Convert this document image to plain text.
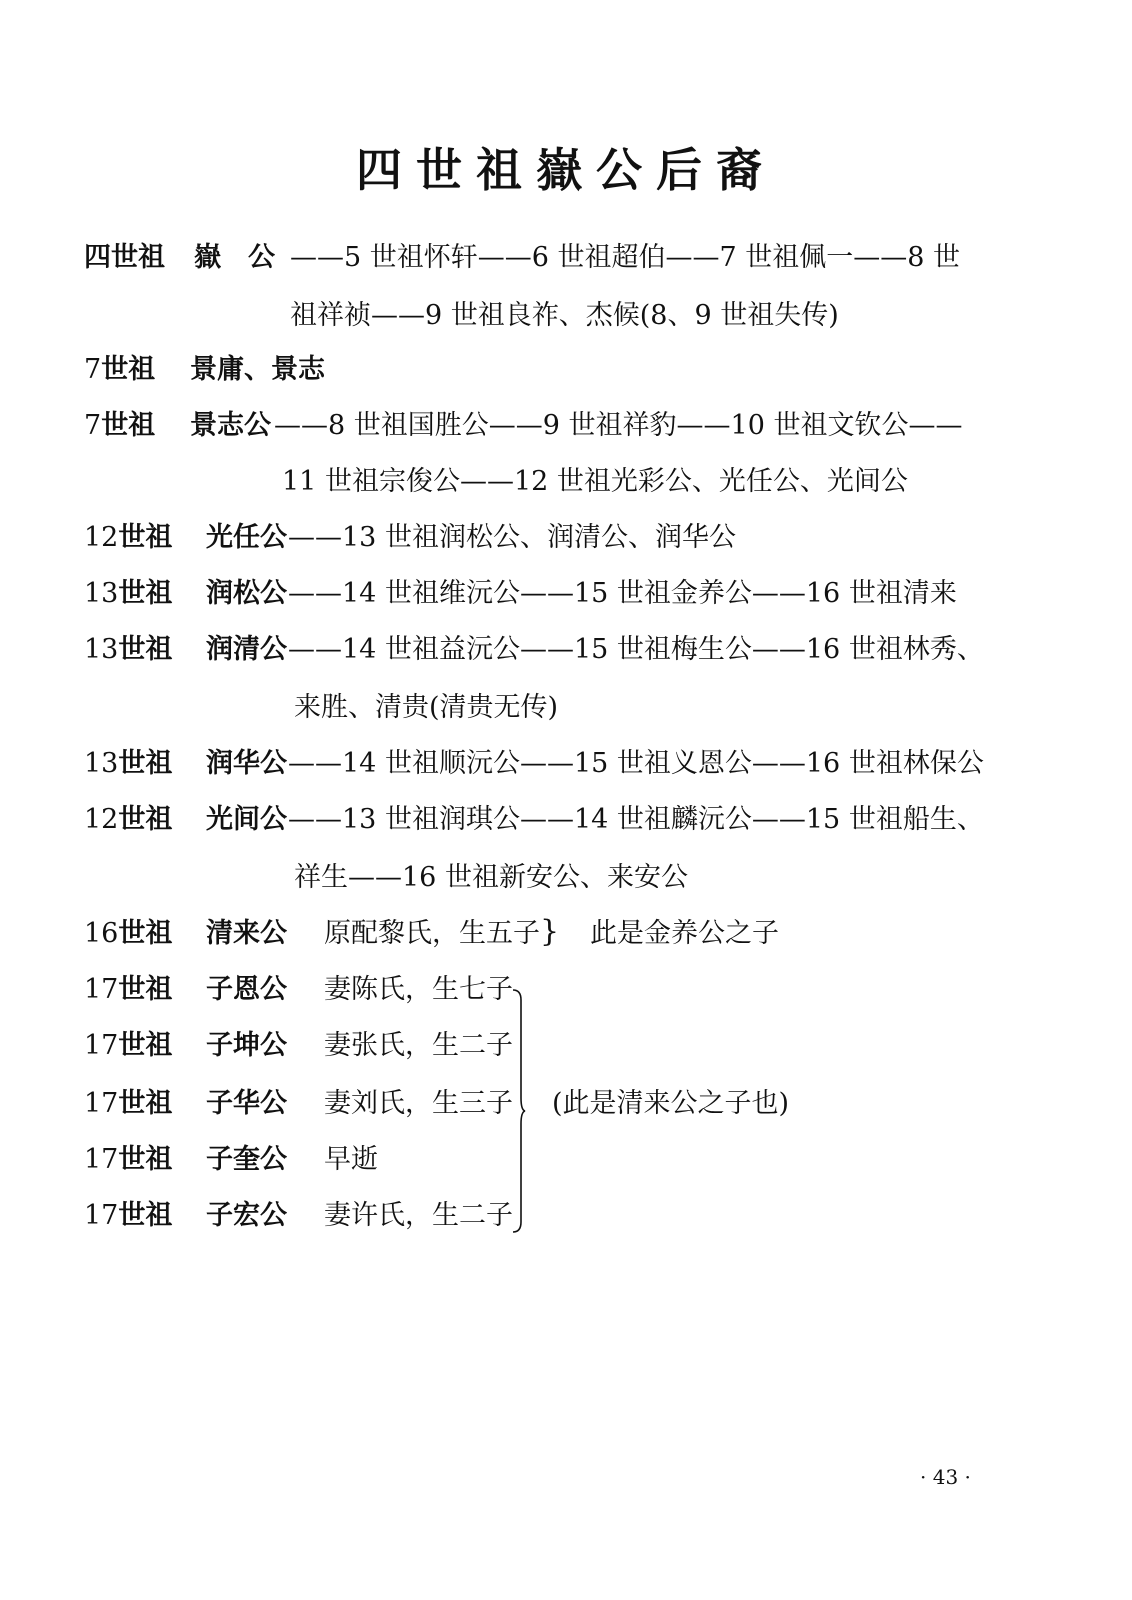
四世祖嶽公后裔
四世祖 嶽　公 ——5 世祖怀轩——6 世祖超伯——7 世祖佩一——8 世
祖祥祯——9 世祖良祚、杰候(8、9 世祖失传)
7世祖 景庸、景志
7世祖 景志公 ——8 世祖国胜公——9 世祖祥豹——10 世祖文钦公——
11 世祖宗俊公——12 世祖光彩公、光任公、光间公
12世祖 光任公 ——13 世祖润松公、润清公、润华公
13世祖 润松公 ——14 世祖维沅公——15 世祖金养公——16 世祖清来
13世祖 润清公 ——14 世祖益沅公——15 世祖梅生公——16 世祖林秀、
来胜、清贵(清贵无传)
13世祖 润华公 ——14 世祖顺沅公——15 世祖义恩公——16 世祖林保公
12世祖 光间公 ——13 世祖润琪公——14 世祖麟沅公——15 世祖船生、
祥生——16 世祖新安公、来安公
16世祖 清来公 原配黎氏，生五子 } 此是金养公之子
17世祖 子恩公 妻陈氏，生七子
17世祖 子坤公 妻张氏，生二子
17世祖 子华公 妻刘氏，生三子
17世祖 子奎公 早逝
17世祖 子宏公 妻许氏，生二子
(此是清来公之子也)
· 43 ·
